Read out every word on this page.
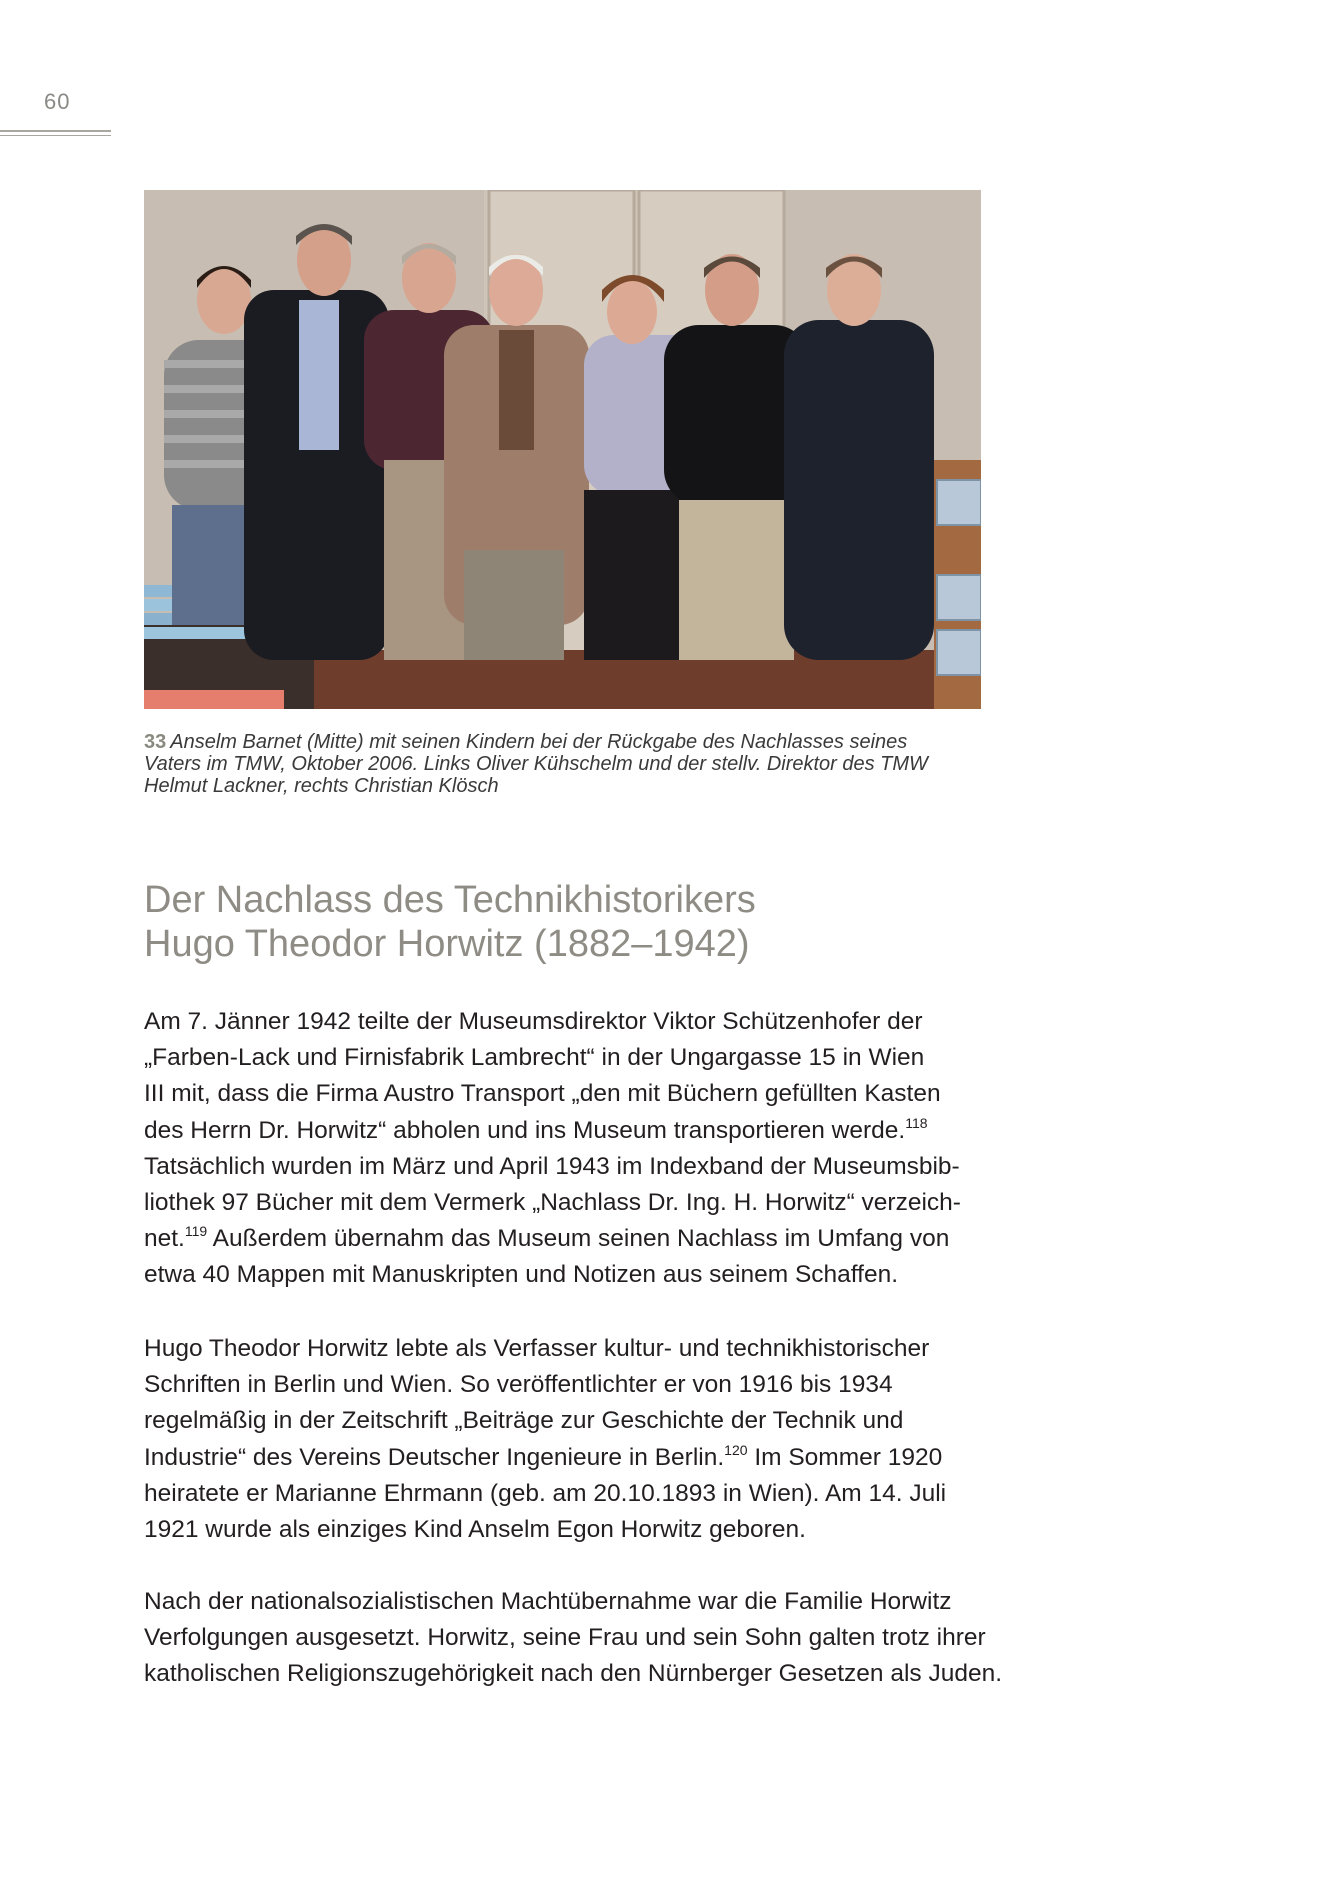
60
33 Anselm Barnet (Mitte) mit seinen Kindern bei der Rückgabe des Nachlasses seines
Vaters im TMW, Oktober 2006. Links Oliver Kühschelm und der stellv. Direktor des TMW
Helmut Lackner, rechts Christian Klösch
Der Nachlass des Technikhistorikers
Hugo Theodor Horwitz (1882–1942)

Am 7. Jänner 1942 teilte der Museumsdirektor Viktor Schützenhofer der
„Farben-Lack und Firnisfabrik Lambrecht“ in der Ungargasse 15 in Wien
III mit, dass die Firma Austro Transport „den mit Büchern gefüllten Kasten
des Herrn Dr. Horwitz“ abholen und ins Museum transportieren werde.$^{118}$
Tatsächlich wurden im März und April 1943 im Indexband der Museumsbib-
liothek 97 Bücher mit dem Vermerk „Nachlass Dr. Ing. H. Horwitz“ verzeich-
net.$^{119}$ Außerdem übernahm das Museum seinen Nachlass im Umfang von
etwa 40 Mappen mit Manuskripten und Notizen aus seinem Schaffen.

Hugo Theodor Horwitz lebte als Verfasser kultur- und technikhistorischer
Schriften in Berlin und Wien. So veröffentlichter er von 1916 bis 1934
regelmäßig in der Zeitschrift „Beiträge zur Geschichte der Technik und
Industrie“ des Vereins Deutscher Ingenieure in Berlin.$^{120}$ Im Sommer 1920
heiratete er Marianne Ehrmann (geb. am 20.10.1893 in Wien). Am 14. Juli
1921 wurde als einziges Kind Anselm Egon Horwitz geboren.

Nach der nationalsozialistischen Machtübernahme war die Familie Horwitz
Verfolgungen ausgesetzt. Horwitz, seine Frau und sein Sohn galten trotz ihrer
katholischen Religionszugehörigkeit nach den Nürnberger Gesetzen als Juden.
